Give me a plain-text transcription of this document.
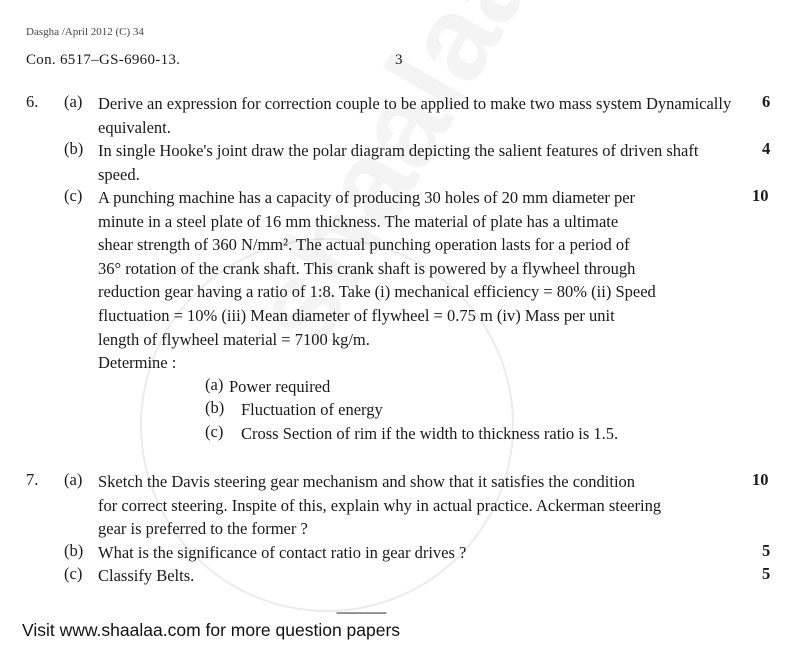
Dasgha /April 2012 (C) 34
Con. 6517–GS-6960-13.	3
6. (a) Derive an expression for correction couple to be applied to make two mass system Dynamically equivalent.
6
(b) In single Hooke's joint draw the polar diagram depicting the salient features of driven shaft speed.
4
(c)	10
A punching machine has a capacity of producing 30 holes of 20 mm diameter per
minute in a steel plate of 16 mm thickness. The material of plate has a ultimate
shear strength of 360 N/mm². The actual punching operation lasts for a period of
36° rotation of the crank shaft. This crank shaft is powered by a flywheel through
reduction gear having a ratio of 1:8. Take (i) mechanical efficiency = 80% (ii) Speed
fluctuation = 10% (iii) Mean diameter of flywheel = 0.75 m (iv) Mass per unit
length of flywheel material = 7100 kg/m.
Determine :
(a) Power required
(b) Fluctuation of energy
(c) Cross Section of rim if the width to thickness ratio is 1.5.
7. (a)	10
Sketch the Davis steering gear mechanism and show that it satisfies the condition
for correct steering. Inspite of this, explain why in actual practice. Ackerman steering
gear is preferred to the former ?
(b) What is the significance of contact ratio in gear drives ?	5
(c) Classify Belts.	5
---------------
Visit www.shaalaa.com for more question papers
